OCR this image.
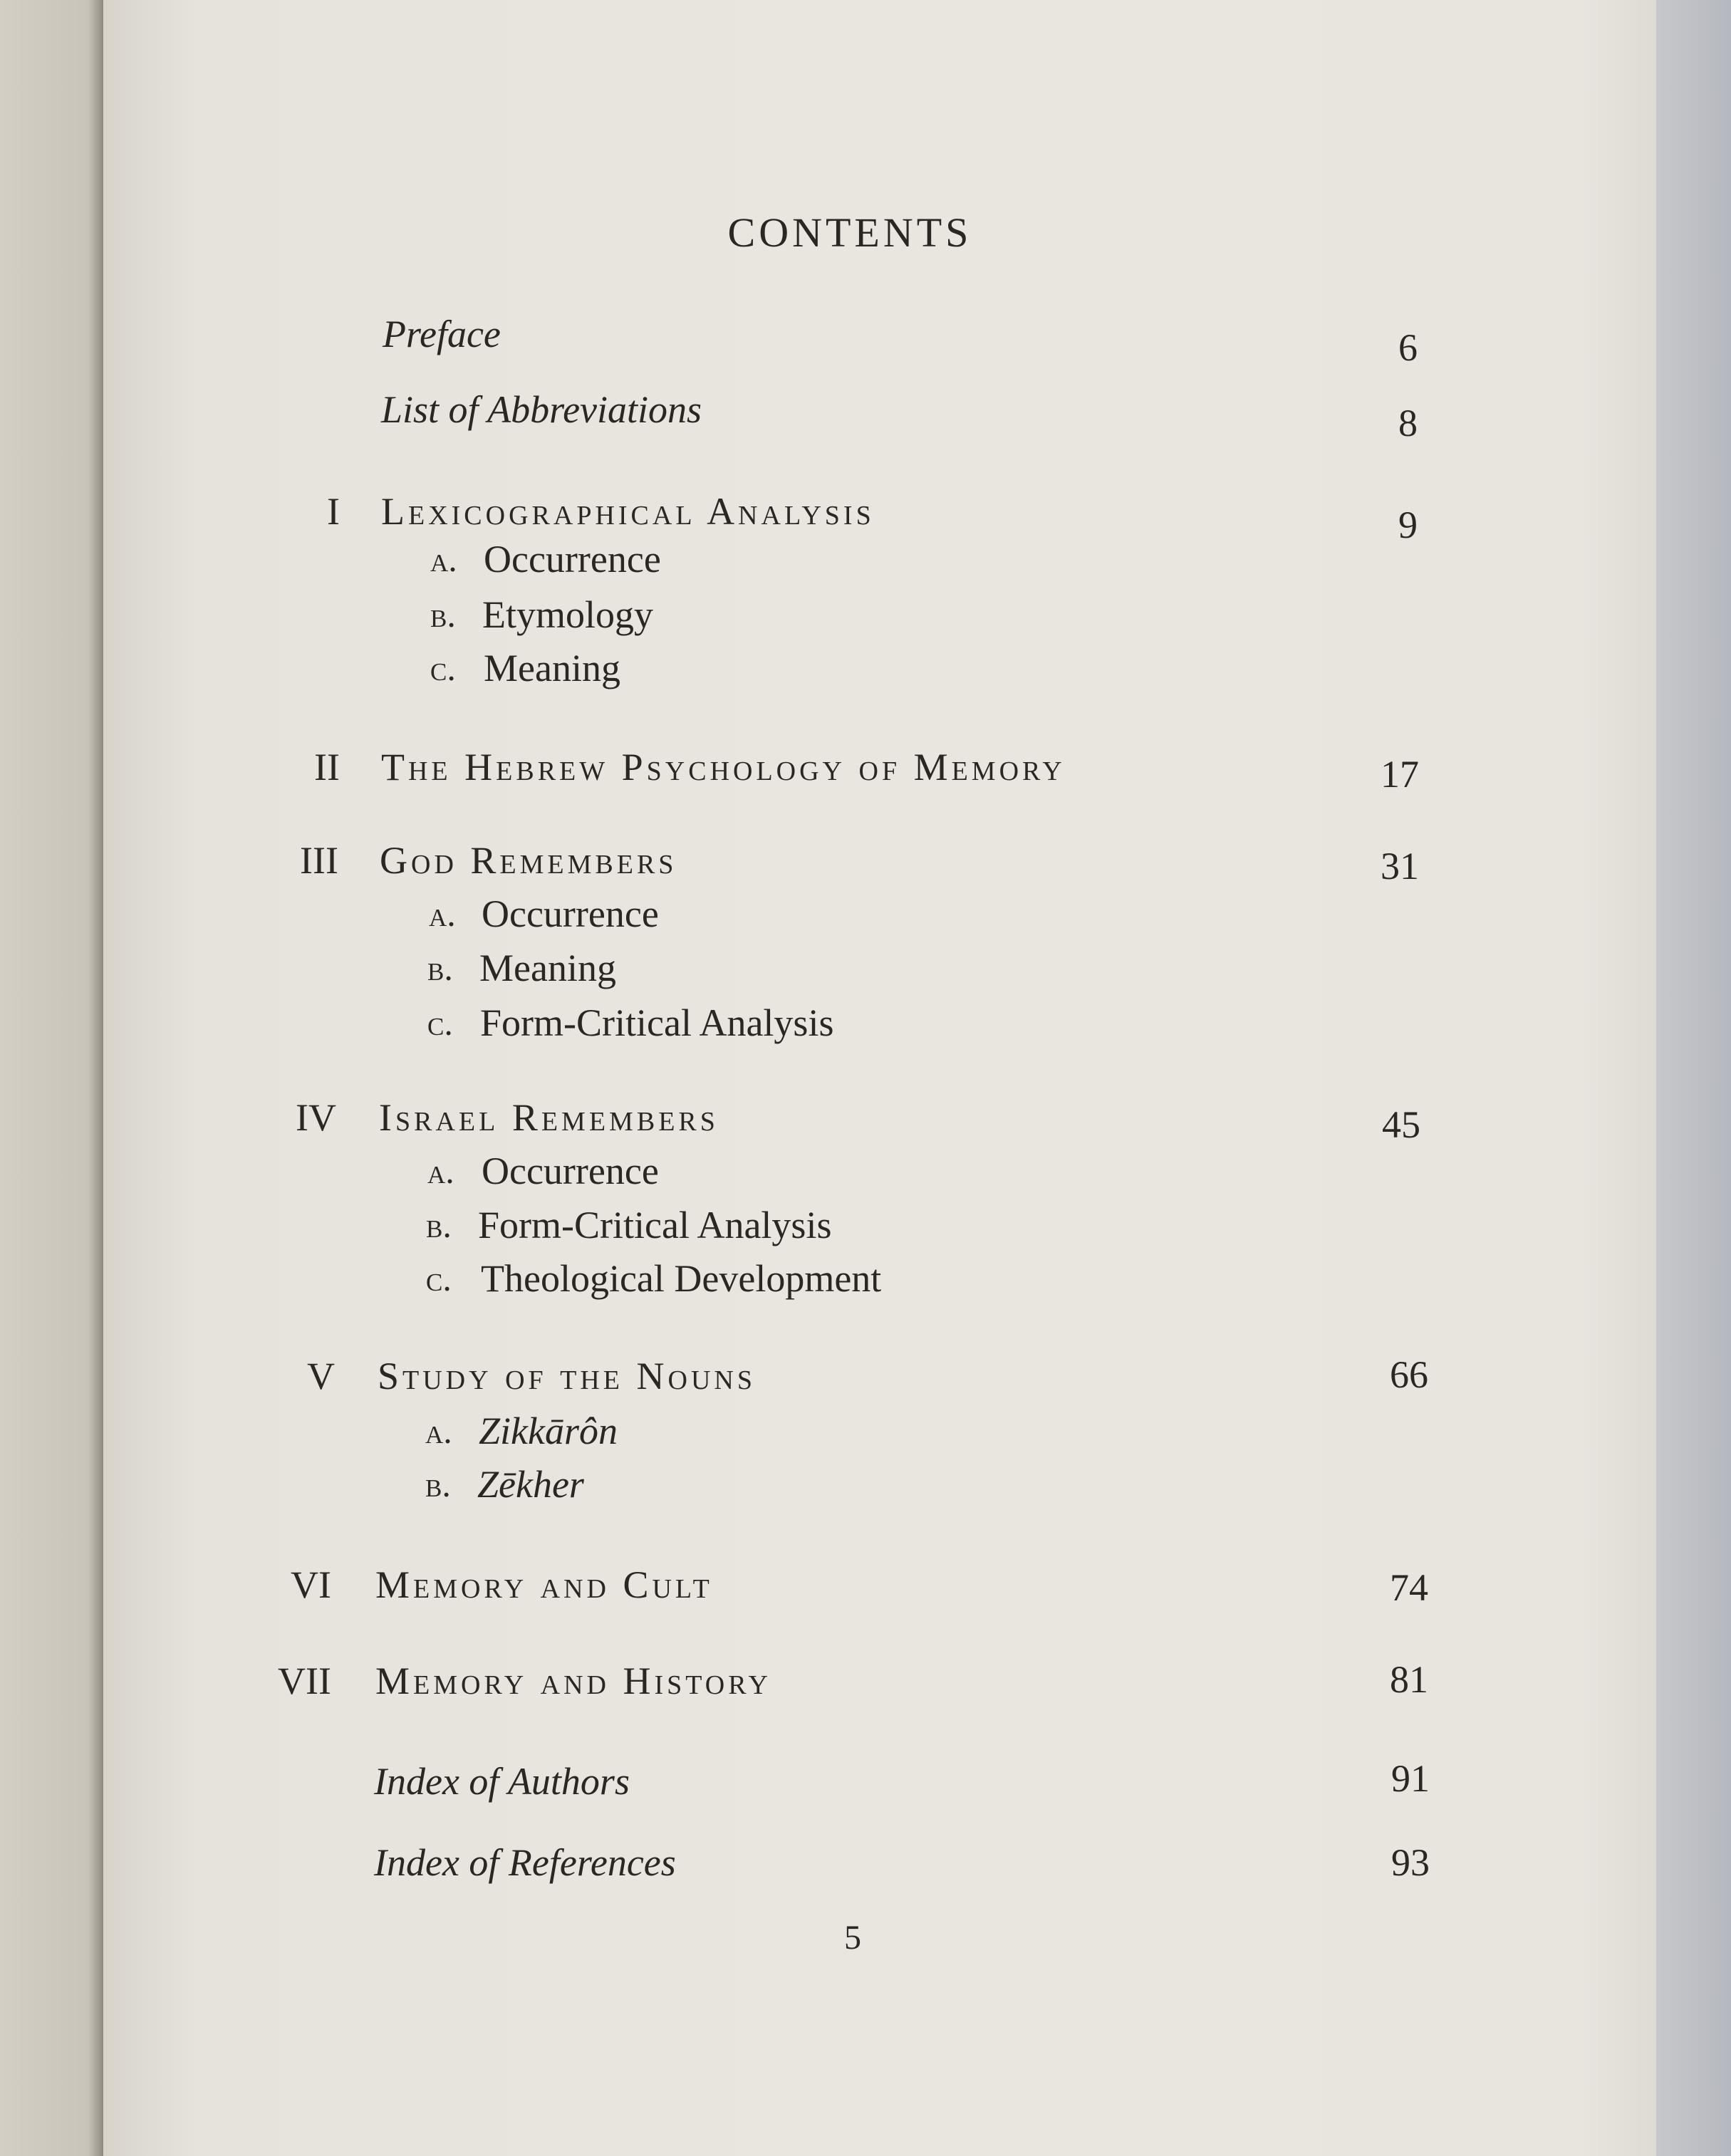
CONTENTS
Preface	6
List of Abbreviations	8
I Lexicographical Analysis	9
a. Occurrence
b. Etymology
c. Meaning
II The Hebrew Psychology of Memory	17
III God Remembers	31
a. Occurrence
b. Meaning
c. Form-Critical Analysis
IV Israel Remembers	45
a. Occurrence
b. Form-Critical Analysis
c. Theological Development
V Study of the Nouns	66
a. Zikkārôn
b. Zēkher
VI Memory and Cult	74
VII Memory and History	81
Index of Authors	91
Index of References	93
5
